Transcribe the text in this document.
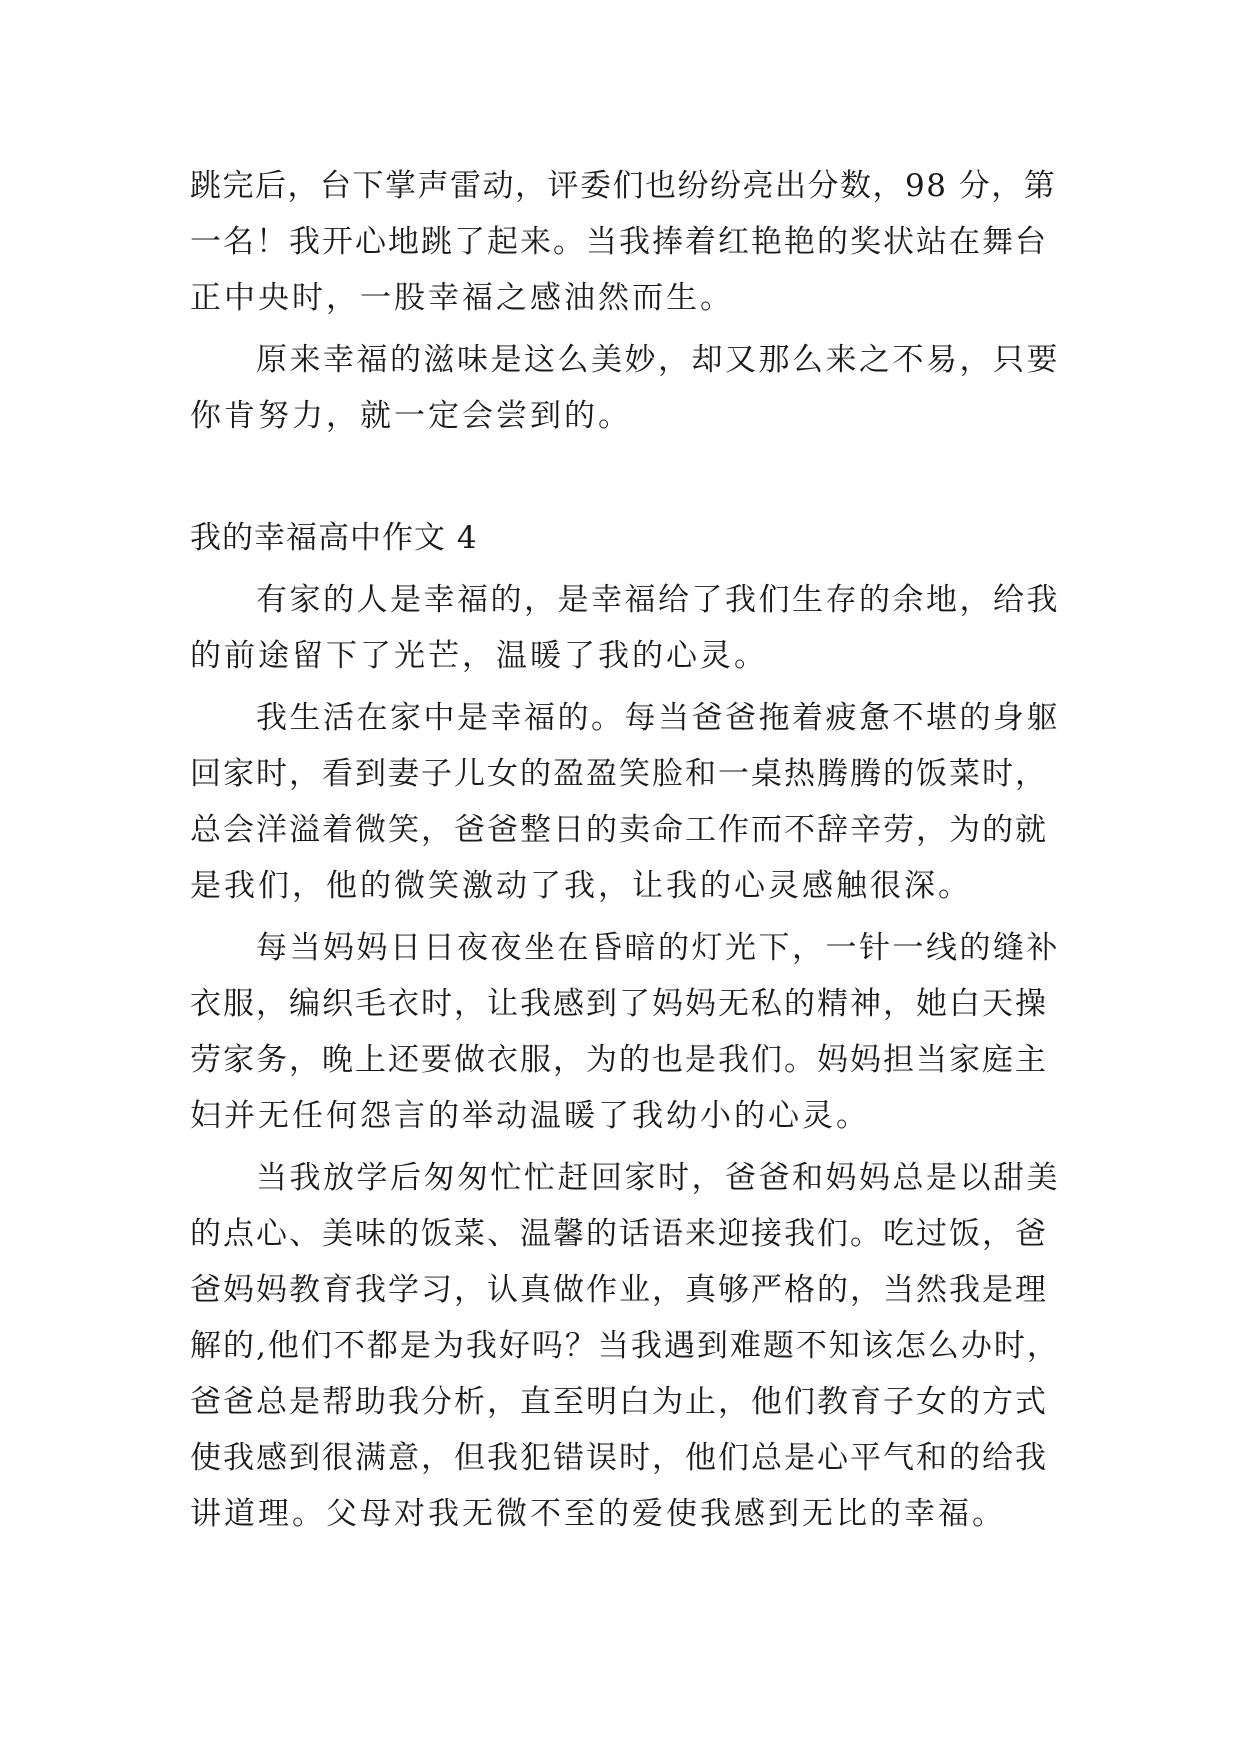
跳完后，台下掌声雷动，评委们也纷纷亮出分数，98 分，第
一名！我开心地跳了起来。当我捧着红艳艳的奖状站在舞台
正中央时，一股幸福之感油然而生。
原来幸福的滋味是这么美妙，却又那么来之不易，只要
你肯努力，就一定会尝到的。
我的幸福高中作文 4
有家的人是幸福的，是幸福给了我们生存的余地，给我
的前途留下了光芒，温暖了我的心灵。
我生活在家中是幸福的。每当爸爸拖着疲惫不堪的身躯
回家时，看到妻子儿女的盈盈笑脸和一桌热腾腾的饭菜时，
总会洋溢着微笑，爸爸整日的卖命工作而不辞辛劳，为的就
是我们，他的微笑激动了我，让我的心灵感触很深。
每当妈妈日日夜夜坐在昏暗的灯光下，一针一线的缝补
衣服，编织毛衣时，让我感到了妈妈无私的精神，她白天操
劳家务，晚上还要做衣服，为的也是我们。妈妈担当家庭主
妇并无任何怨言的举动温暖了我幼小的心灵。
当我放学后匆匆忙忙赶回家时，爸爸和妈妈总是以甜美
的点心、美味的饭菜、温馨的话语来迎接我们。吃过饭，爸
爸妈妈教育我学习，认真做作业，真够严格的，当然我是理
解的,他们不都是为我好吗？当我遇到难题不知该怎么办时，
爸爸总是帮助我分析，直至明白为止，他们教育子女的方式
使我感到很满意，但我犯错误时，他们总是心平气和的给我
讲道理。父母对我无微不至的爱使我感到无比的幸福。
